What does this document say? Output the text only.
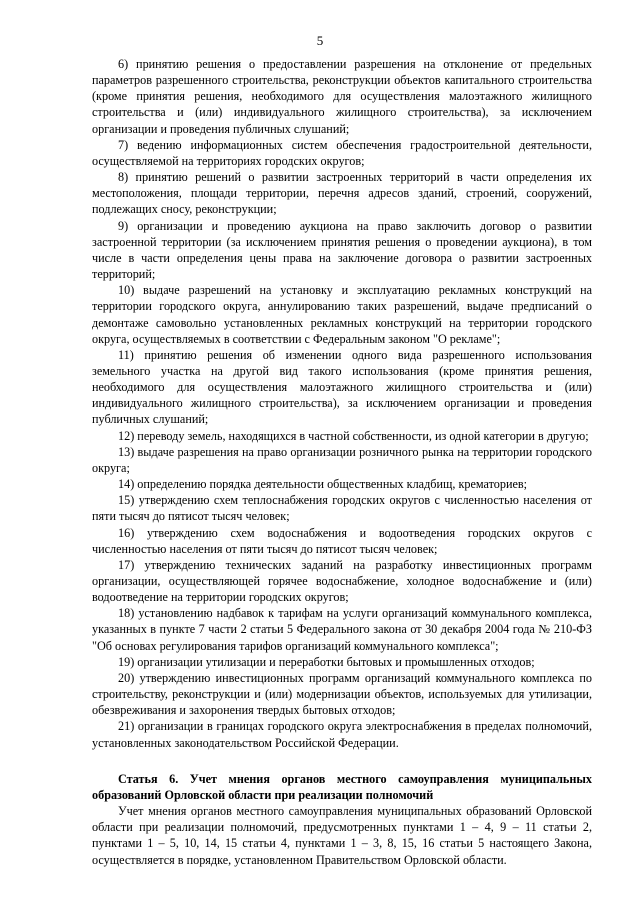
5

6) принятию решения о предоставлении разрешения на отклонение от предельных параметров разрешенного строительства, реконструкции объектов капитального строительства (кроме принятия решения, необходимого для осуществления малоэтажного жилищного строительства и (или) индивидуального жилищного строительства), за исключением организации и проведения публичных слушаний;

7) ведению информационных систем обеспечения градостроительной деятельности, осуществляемой на территориях городских округов;

8) принятию решений о развитии застроенных территорий в части определения их местоположения, площади территории, перечня адресов зданий, строений, сооружений, подлежащих сносу, реконструкции;

9) организации и проведению аукциона на право заключить договор о развитии застроенной территории (за исключением принятия решения о проведении аукциона), в том числе в части определения цены права на заключение договора о развитии застроенных территорий;

10) выдаче разрешений на установку и эксплуатацию рекламных конструкций на территории городского округа, аннулированию таких разрешений, выдаче предписаний о демонтаже самовольно установленных рекламных конструкций на территории городского округа, осуществляемых в соответствии с Федеральным законом "О рекламе";

11) принятию решения об изменении одного вида разрешенного использования земельного участка на другой вид такого использования (кроме принятия решения, необходимого для осуществления малоэтажного жилищного строительства и (или) индивидуального жилищного строительства), за исключением организации и проведения публичных слушаний;

12) переводу земель, находящихся в частной собственности, из одной категории в другую;

13) выдаче разрешения на право организации розничного рынка на территории городского округа;

14) определению порядка деятельности общественных кладбищ, крематориев;

15) утверждению схем теплоснабжения городских округов с численностью населения от пяти тысяч до пятисот тысяч человек;

16) утверждению схем водоснабжения и водоотведения городских округов с численностью населения от пяти тысяч до пятисот тысяч человек;

17) утверждению технических заданий на разработку инвестиционных программ организации, осуществляющей горячее водоснабжение, холодное водоснабжение и (или) водоотведение на территории городских округов;

18) установлению надбавок к тарифам на услуги организаций коммунального комплекса, указанных в пункте 7 части 2 статьи 5 Федерального закона от 30 декабря 2004 года № 210-ФЗ "Об основах регулирования тарифов организаций коммунального комплекса";

19) организации утилизации и переработки бытовых и промышленных отходов;

20) утверждению инвестиционных программ организаций коммунального комплекса по строительству, реконструкции и (или) модернизации объектов, используемых для утилизации, обезвреживания и захоронения твердых бытовых отходов;

21) организации в границах городского округа электроснабжения в пределах полномочий, установленных законодательством Российской Федерации.

Статья 6. Учет мнения органов местного самоуправления муниципальных образований Орловской области при реализации полномочий

Учет мнения органов местного самоуправления муниципальных образований Орловской области при реализации полномочий, предусмотренных пунктами 1 – 4, 9 – 11 статьи 2, пунктами 1 – 5, 10, 14, 15 статьи 4, пунктами 1 – 3, 8, 15, 16 статьи 5 настоящего Закона, осуществляется в порядке, установленном Правительством Орловской области.
